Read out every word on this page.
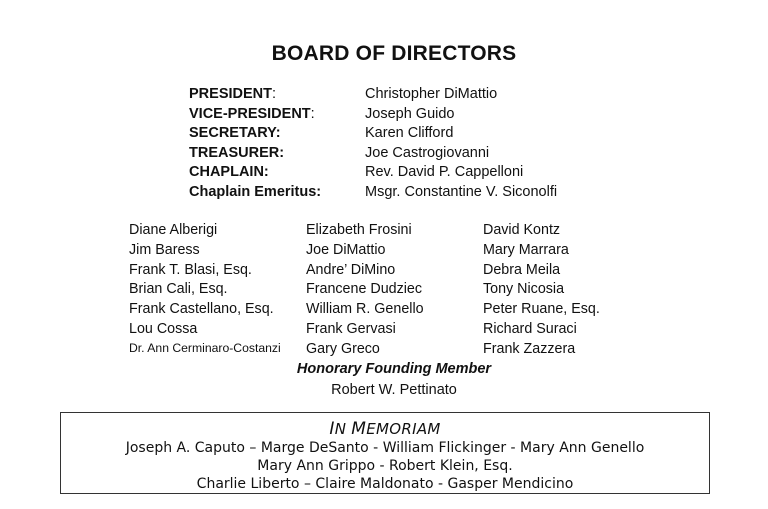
BOARD OF DIRECTORS
PRESIDENT:	Christopher DiMattio
VICE-PRESIDENT:	Joseph Guido
SECRETARY:	Karen Clifford
TREASURER:	Joe Castrogiovanni
CHAPLAIN:	Rev. David P. Cappelloni
Chaplain Emeritus:	Msgr. Constantine V. Siconolfi
Diane Alberigi
Jim Baress
Frank T. Blasi, Esq.
Brian Cali, Esq.
Frank Castellano, Esq.
Lou Cossa
Dr. Ann Cerminaro-Costanzi
Elizabeth Frosini
Joe DiMattio
Andre’ DiMino
Francene Dudziec
William R. Genello
Frank Gervasi
Gary Greco
David Kontz
Mary Marrara
Debra Meila
Tony Nicosia
Peter Ruane, Esq.
Richard Suraci
Frank Zazzera
Honorary Founding Member
Robert W. Pettinato
IN MEMORIAM
Joseph A. Caputo – Marge DeSanto - William Flickinger - Mary Ann Genello
Mary Ann Grippo - Robert Klein, Esq.
Charlie Liberto – Claire Maldonato - Gasper Mendicino
